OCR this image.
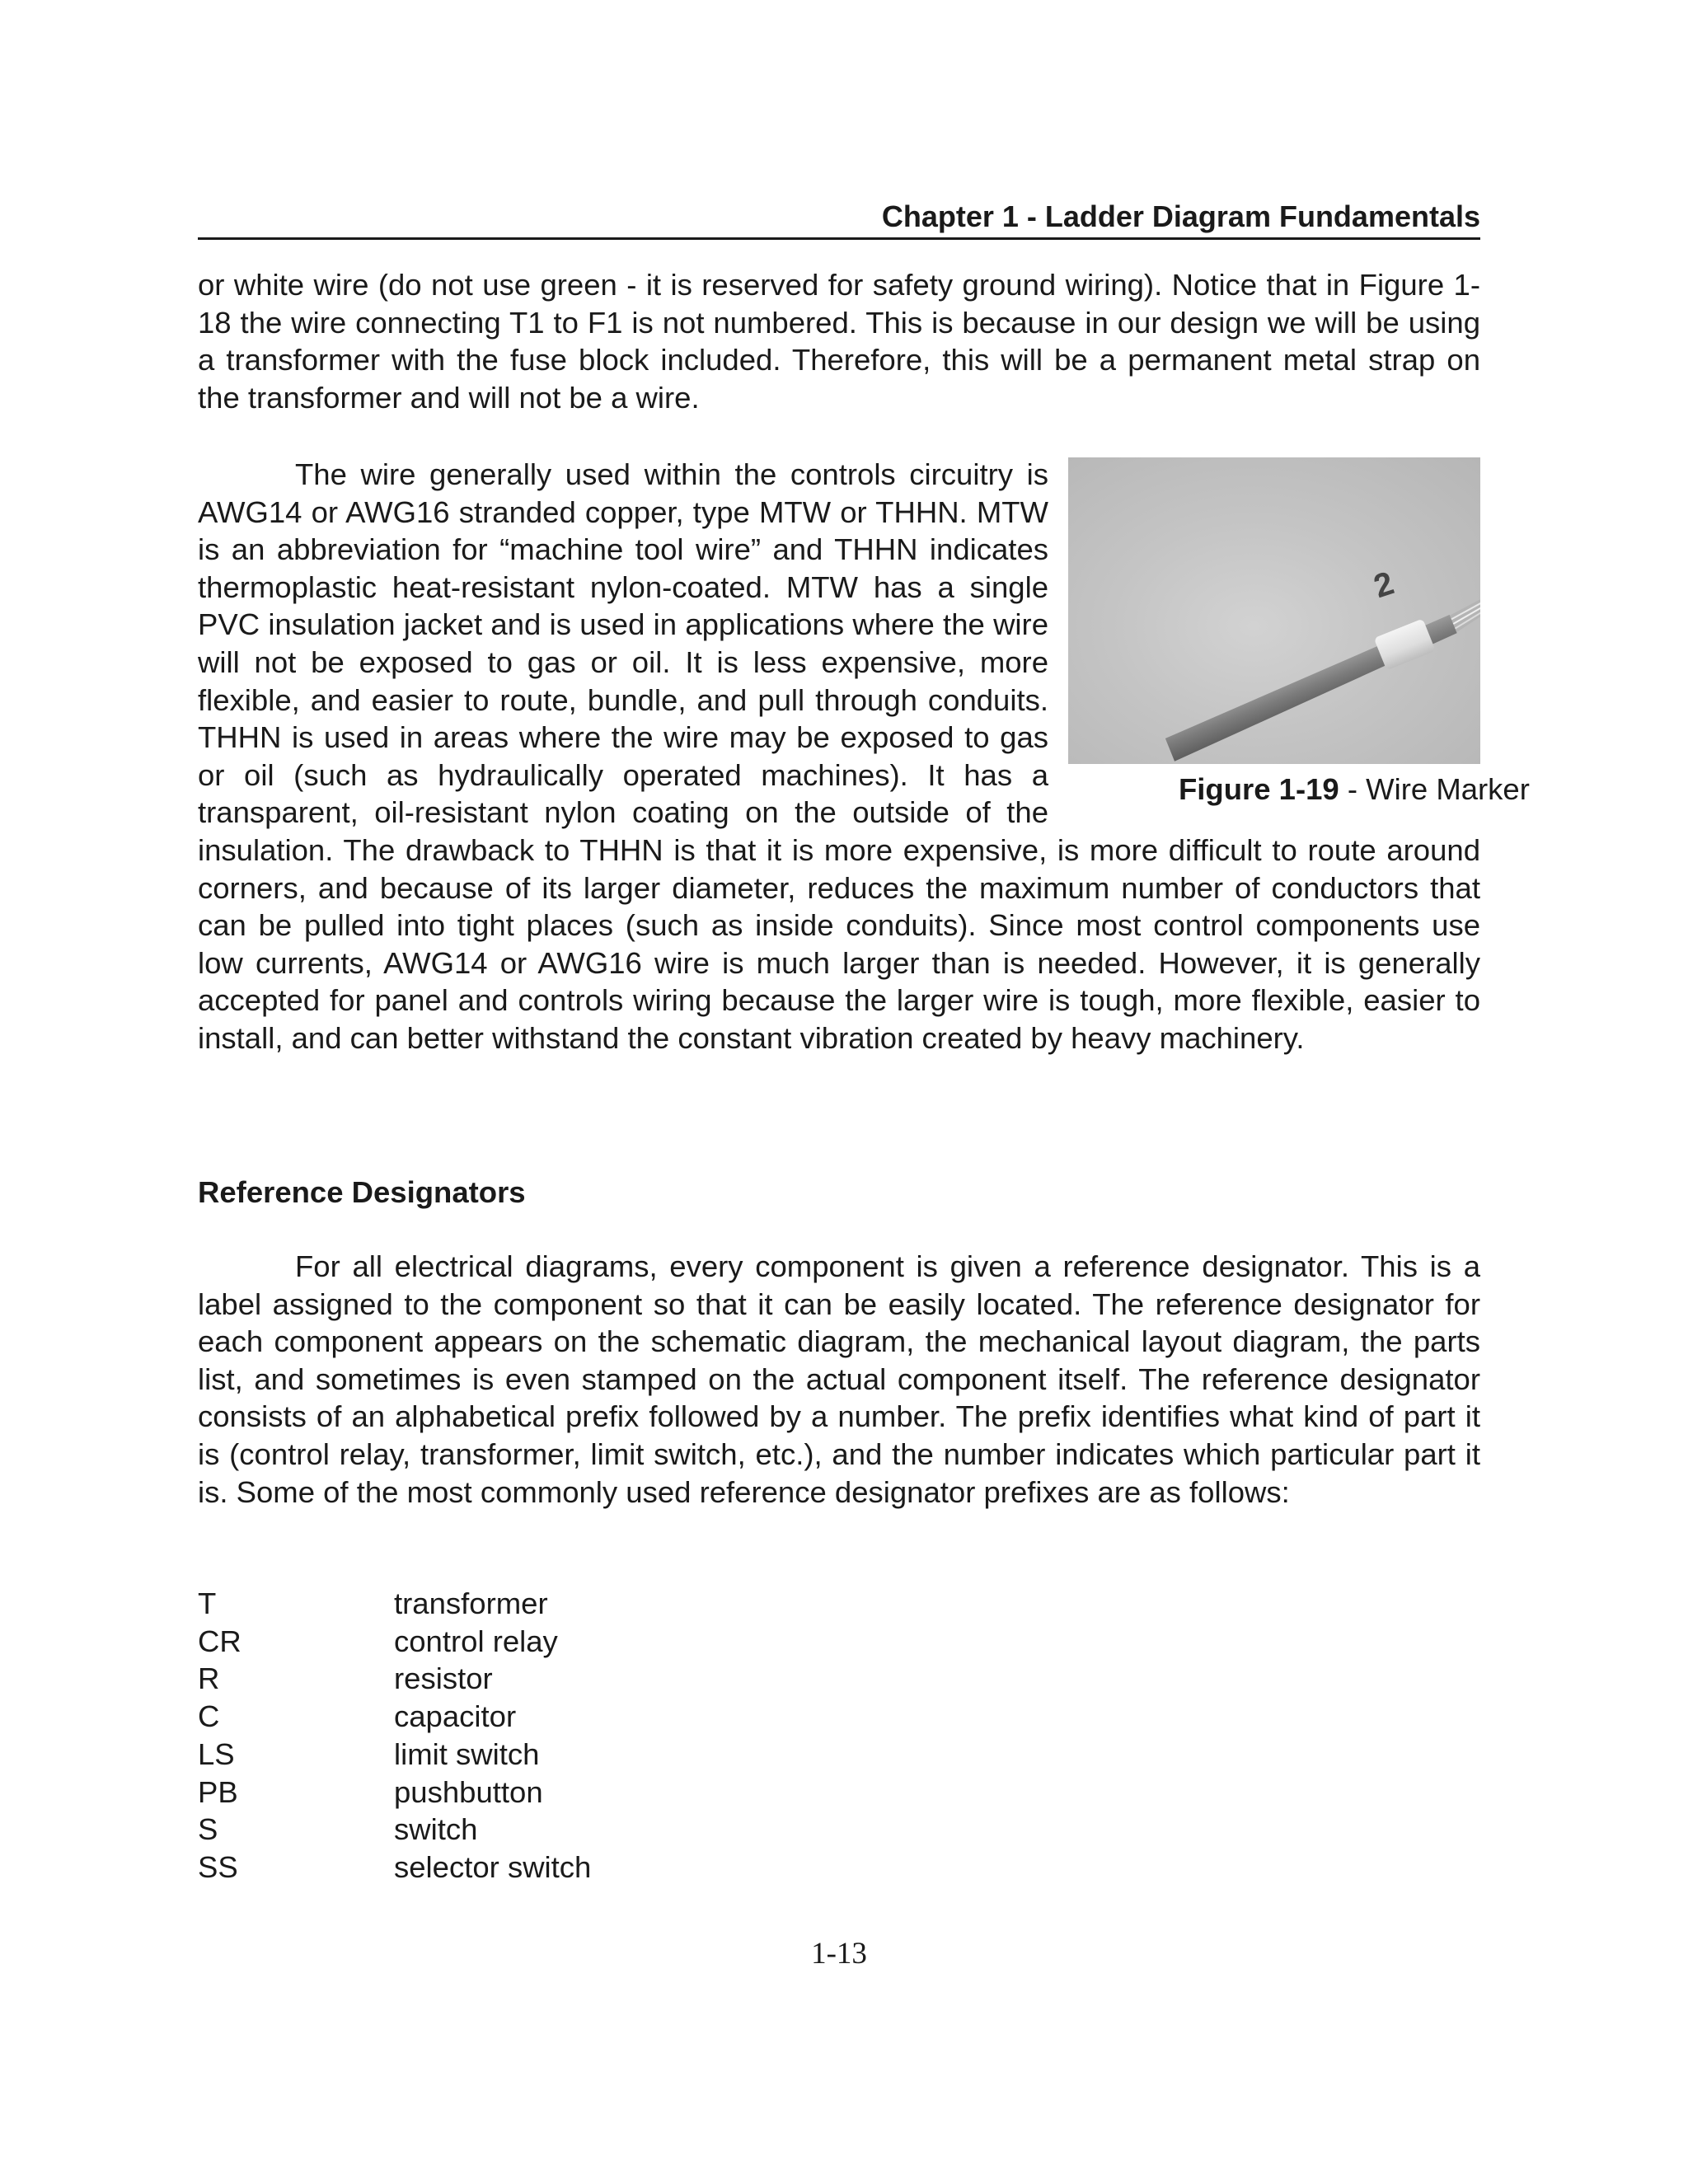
Chapter 1 - Ladder Diagram Fundamentals

or white wire (do not use green - it is reserved for safety ground wiring). Notice that in Figure 1-18 the wire connecting T1 to F1 is not numbered. This is because in our design we will be using a transformer with the fuse block included. Therefore, this will be a permanent metal strap on the transformer and will not be a wire.

2
Figure 1-19 - Wire Marker
The wire generally used within the controls circuitry is AWG14 or AWG16 stranded copper, type MTW or THHN. MTW is an abbreviation for “machine tool wire” and THHN indicates thermoplastic heat-resistant nylon-coated. MTW has a single PVC insulation jacket and is used in applications where the wire will not be exposed to gas or oil. It is less expensive, more flexible, and easier to route, bundle, and pull through conduits. THHN is used in areas where the wire may be exposed to gas or oil (such as hydraulically operated machines). It has a transparent, oil-resistant nylon coating on the outside of the insulation. The drawback to THHN is that it is more expensive, is more difficult to route around corners, and because of its larger diameter, reduces the maximum number of conductors that can be pulled into tight places (such as inside conduits). Since most control components use low currents, AWG14 or AWG16 wire is much larger than is needed. However, it is generally accepted for panel and controls wiring because the larger wire is tough, more flexible, easier to install, and can better withstand the constant vibration created by heavy machinery.
Reference Designators

For all electrical diagrams, every component is given a reference designator. This is a label assigned to the component so that it can be easily located. The reference designator for each component appears on the schematic diagram, the mechanical layout diagram, the parts list, and sometimes is even stamped on the actual component itself. The reference designator consists of an alphabetical prefix followed by a number. The prefix identifies what kind of part it is (control relay, transformer, limit switch, etc.), and the number indicates which particular part it is. Some of the most commonly used reference designator prefixes are as follows:

T	transformer
CR	control relay
R	resistor
C	capacitor
LS	limit switch
PB	pushbutton
S	switch
SS	selector switch
1-13
